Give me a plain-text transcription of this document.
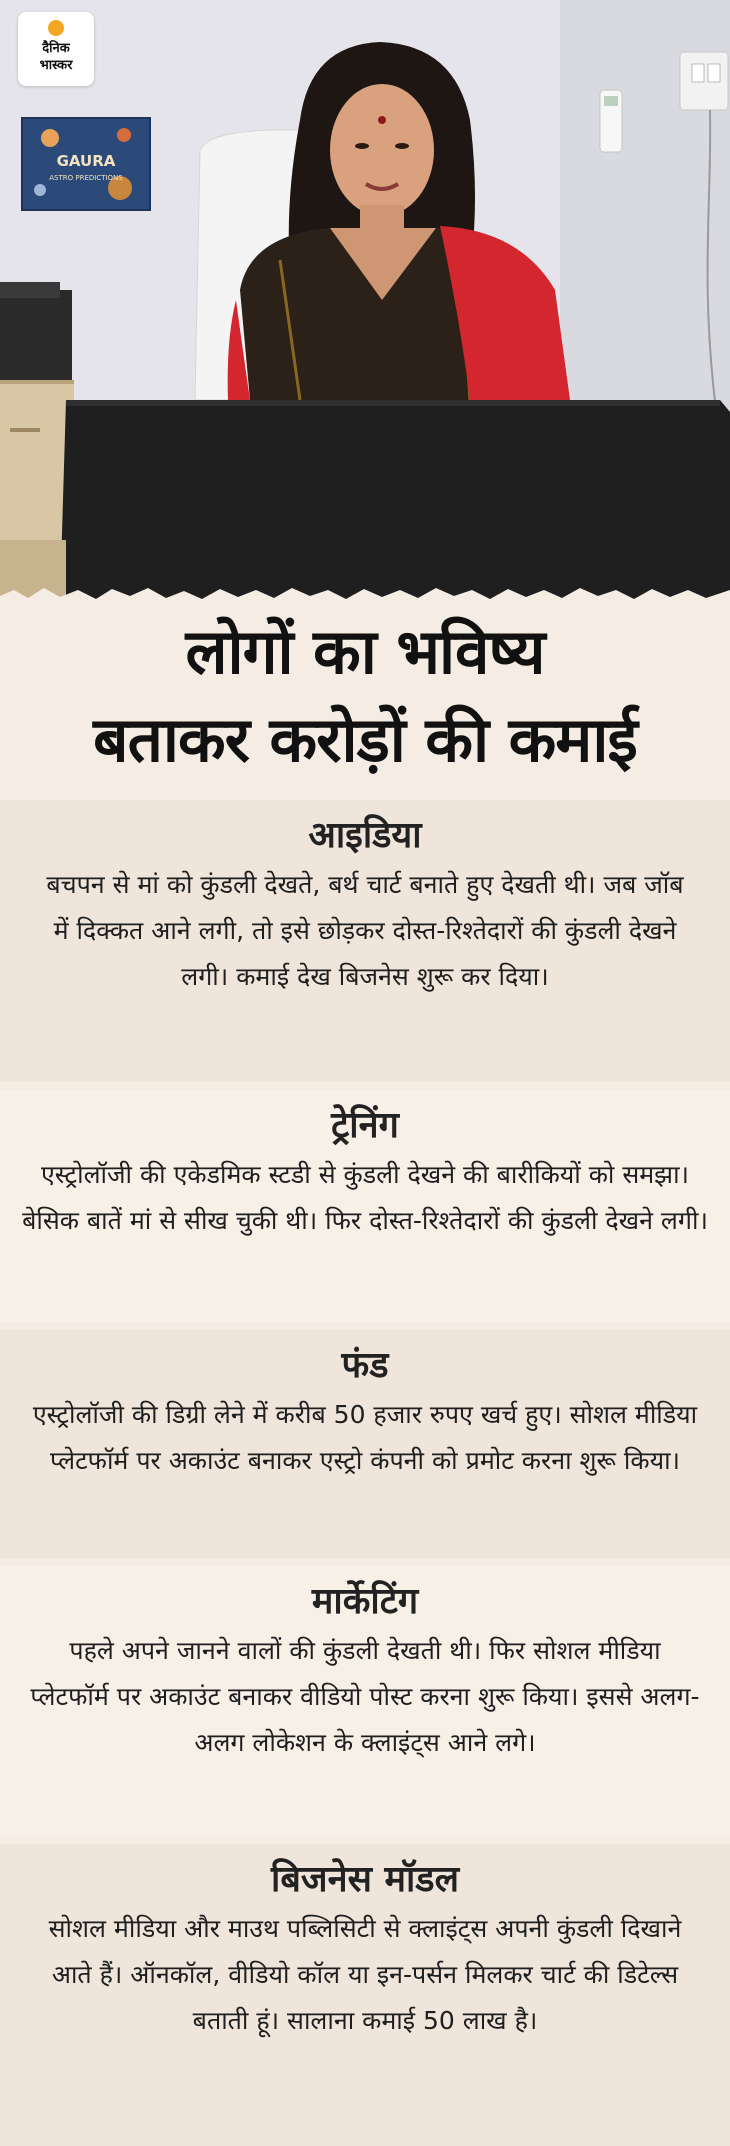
GAURA
ASTRO PREDICTIONS
दैनिक
भास्कर
लोगों का भविष्य
बताकर करोड़ों की कमाई
आइडिया
बचपन से मां को कुंडली देखते, बर्थ चार्ट बनाते हुए देखती थी। जब जॉब में दिक्कत आने लगी, तो इसे छोड़कर दोस्त-रिश्तेदारों की कुंडली देखने लगी। कमाई देख बिजनेस शुरू कर दिया।
ट्रेनिंग
एस्ट्रोलॉजी की एकेडमिक स्टडी से कुंडली देखने की बारीकियों को समझा। बेसिक बातें मां से सीख चुकी थी। फिर दोस्त-रिश्तेदारों की कुंडली देखने लगी।
फंड
एस्ट्रोलॉजी की डिग्री लेने में करीब 50 हजार रुपए खर्च हुए। सोशल मीडिया प्लेटफॉर्म पर अकाउंट बनाकर एस्ट्रो कंपनी को प्रमोट करना शुरू किया।
मार्केटिंग
पहले अपने जानने वालों की कुंडली देखती थी। फिर सोशल मीडिया प्लेटफॉर्म पर अकाउंट बनाकर वीडियो पोस्ट करना शुरू किया। इससे अलग-अलग लोकेशन के क्लाइंट्स आने लगे।
बिजनेस मॉडल
सोशल मीडिया और माउथ पब्लिसिटी से क्लाइंट्स अपनी कुंडली दिखाने आते हैं। ऑनकॉल, वीडियो कॉल या इन-पर्सन मिलकर चार्ट की डिटेल्स बताती हूं। सालाना कमाई 50 लाख है।
